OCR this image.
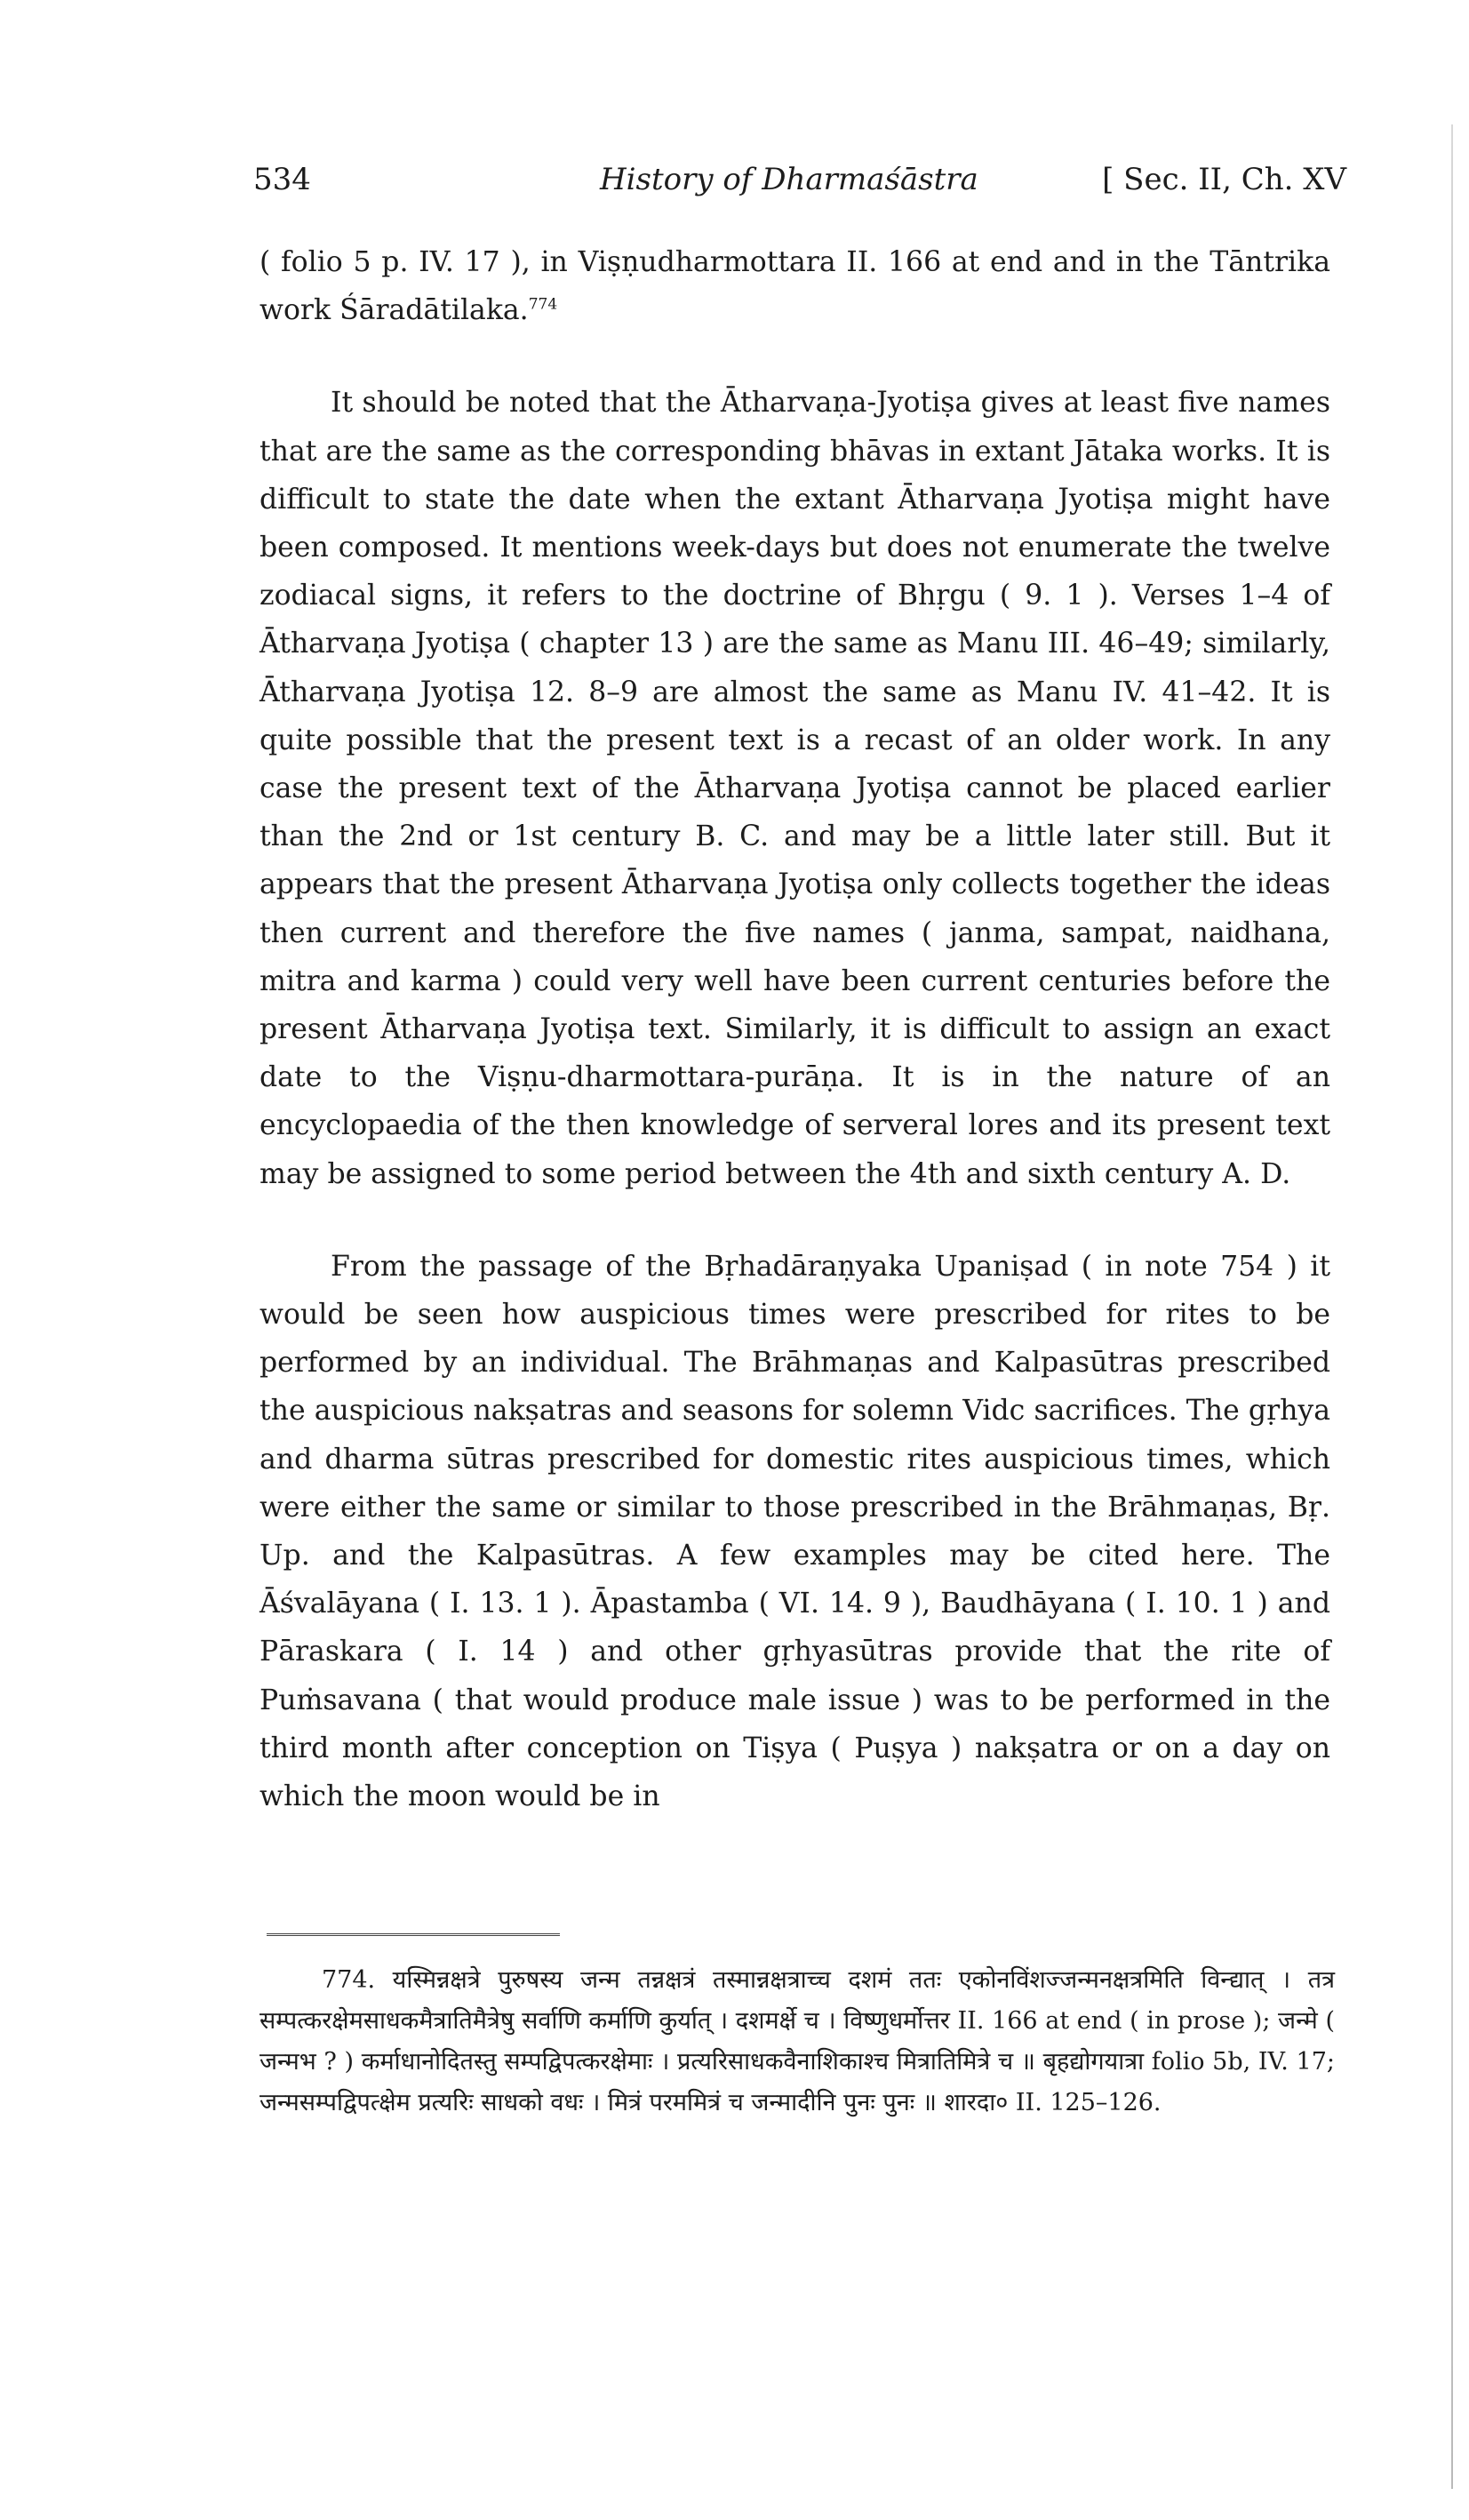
534	History of Dharmaśāstra	[ Sec. II, Ch. XV

( folio 5 p. IV. 17 ), in Viṣṇudharmottara II. 166 at end and in the Tāntrika work Śāradātilaka.$^{774}$

It should be noted that the Ātharvaṇa-Jyotiṣa gives at least five names that are the same as the corresponding bhāvas in extant Jātaka works. It is difficult to state the date when the extant Ātharvaṇa Jyotiṣa might have been composed. It mentions week-days but does not enumerate the twelve zodiacal signs, it refers to the doctrine of Bhṛgu ( 9. 1 ). Verses 1–4 of Ātharvaṇa Jyotiṣa ( chapter 13 ) are the same as Manu III. 46–49; similarly, Ātharvaṇa Jyotiṣa 12. 8–9 are almost the same as Manu IV. 41–42. It is quite possible that the present text is a recast of an older work. In any case the present text of the Ātharvaṇa Jyotiṣa cannot be placed earlier than the 2nd or 1st century B. C. and may be a little later still. But it appears that the present Ātharvaṇa Jyotiṣa only collects together the ideas then current and therefore the five names ( janma, sampat, naidhana, mitra and karma ) could very well have been current centuries before the present Ātharvaṇa Jyotiṣa text. Similarly, it is difficult to assign an exact date to the Viṣṇu-dharmottara-purāṇa. It is in the nature of an encyclopaedia of the then knowledge of serveral lores and its present text may be assigned to some period between the 4th and sixth century A. D.

From the passage of the Bṛhadāraṇyaka Upaniṣad ( in note 754 ) it would be seen how auspicious times were prescribed for rites to be performed by an individual. The Brāhmaṇas and Kalpasūtras prescribed the auspicious nakṣatras and seasons for solemn Vidc sacrifices. The gṛhya and dharma sūtras prescribed for domestic rites auspicious times, which were either the same or similar to those prescribed in the Brāhmaṇas, Bṛ. Up. and the Kalpasūtras. A few examples may be cited here. The Āśvalāyana ( I. 13. 1 ). Āpastamba ( VI. 14. 9 ), Baudhāyana ( I. 10. 1 ) and Pāraskara ( I. 14 ) and other gṛhyasūtras provide that the rite of Puṁsavana ( that would produce male issue ) was to be performed in the third month after conception on Tiṣya ( Puṣya ) nakṣatra or on a day on which the moon would be in

774. यस्मिन्नक्षत्रे पुरुषस्य जन्म तन्नक्षत्रं तस्मान्नक्षत्राच्च दशमं ततः एकोनविंशज्जन्मनक्षत्रमिति विन्द्यात् । तत्र सम्पत्करक्षेमसाधकमैत्रातिमैत्रेषु सर्वाणि कर्माणि कुर्यात् । दशमर्क्षे च । विष्णुधर्मोत्तर II. 166 at end ( in prose ); जन्मे ( जन्मभ ? ) कर्माधानोदितस्तु सम्पद्विपत्करक्षेमाः । प्रत्यरिसाधकवैनाशिकाश्च मित्रातिमित्रे च ॥ बृहद्योगयात्रा folio 5b, IV. 17; जन्मसम्पद्विपत्क्षेम प्रत्यरिः साधको वधः । मित्रं परममित्रं च जन्मादीनि पुनः पुनः ॥ शारदा० II. 125–126.
